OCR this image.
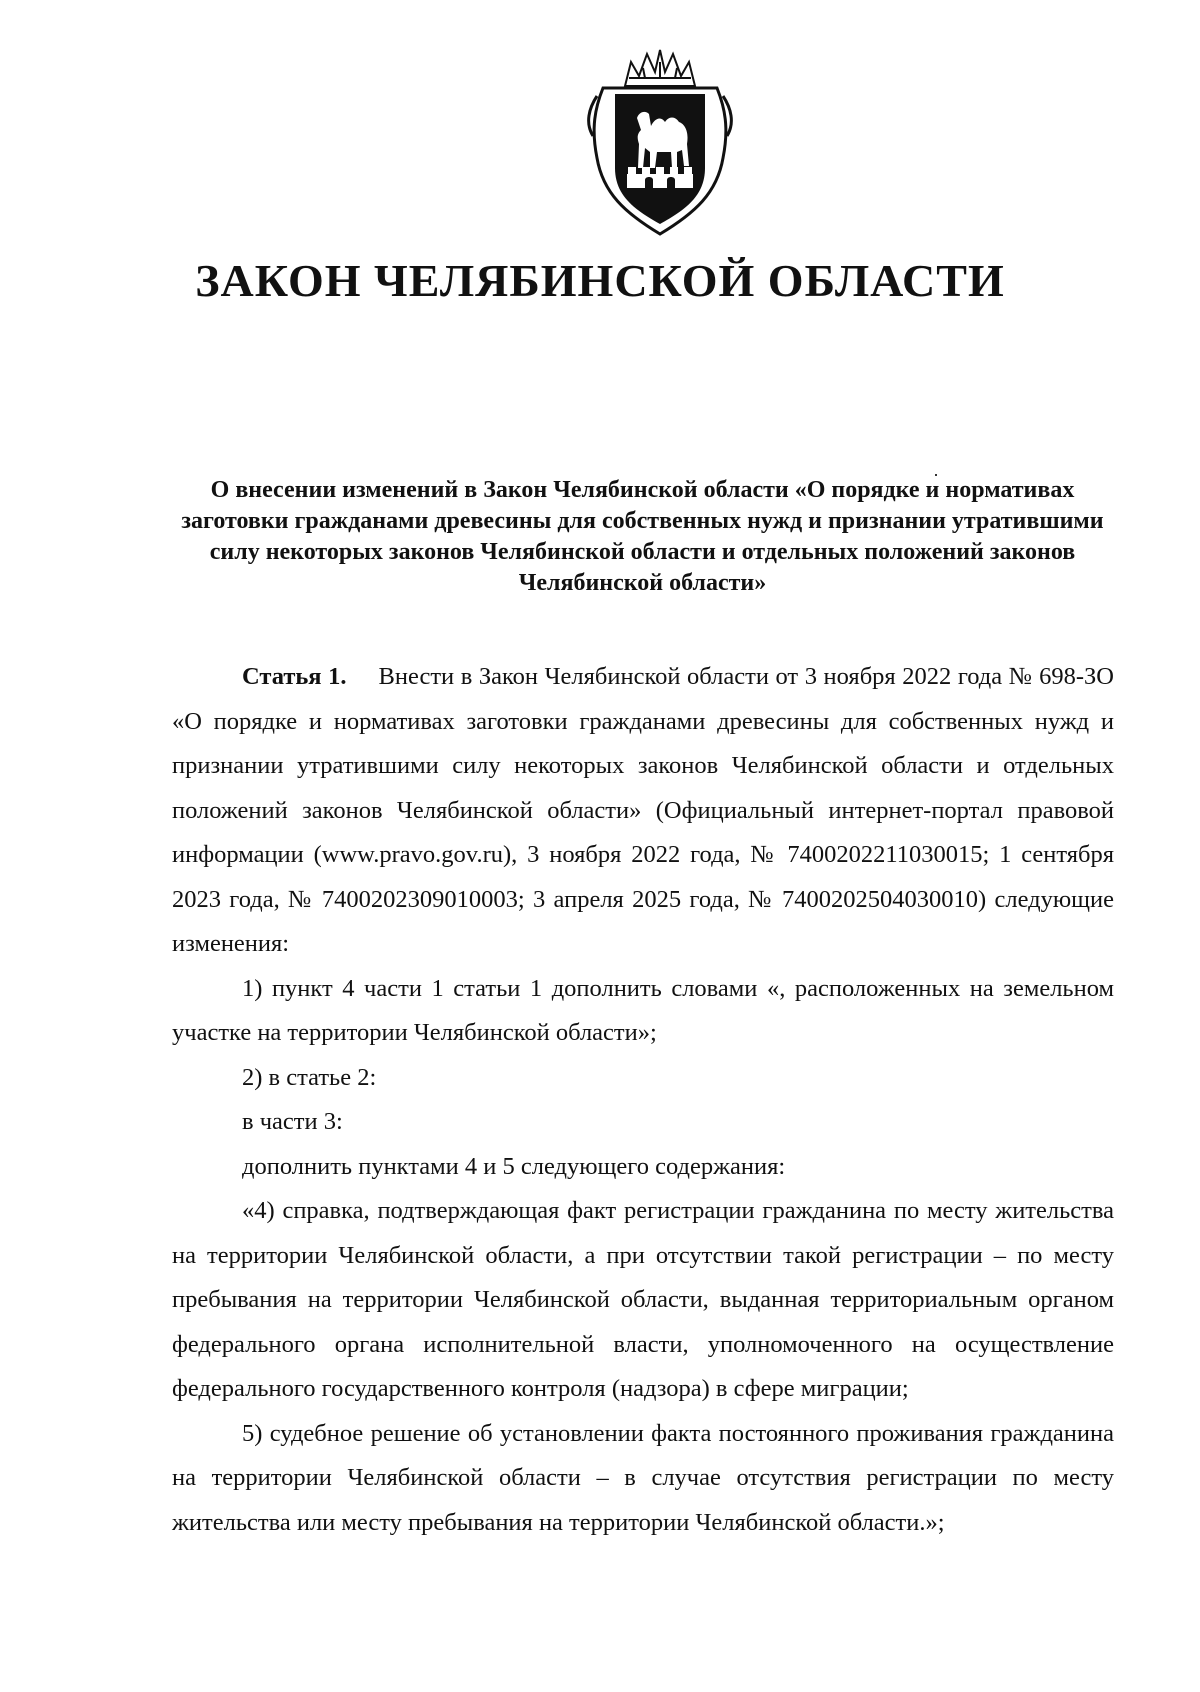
ЗАКОН ЧЕЛЯБИНСКОЙ ОБЛАСТИ

О внесении изменений в Закон Челябинской области «О порядке и нормативах заготовки гражданами древесины для собственных нужд и признании утратившими силу некоторых законов Челябинской области и отдельных положений законов Челябинской области»

Статья 1. Внести в Закон Челябинской области от 3 ноября 2022 года № 698-ЗО «О порядке и нормативах заготовки гражданами древесины для собственных нужд и признании утратившими силу некоторых законов Челябинской области и отдельных положений законов Челябинской области» (Официальный интернет-портал правовой информации (www.pravo.gov.ru), 3 ноября 2022 года, № 7400202211030015; 1 сентября 2023 года, № 7400202309010003; 3 апреля 2025 года, № 7400202504030010) следующие изменения:

1) пункт 4 части 1 статьи 1 дополнить словами «, расположенных на земельном участке на территории Челябинской области»;

2) в статье 2:

в части 3:

дополнить пунктами 4 и 5 следующего содержания:

«4) справка, подтверждающая факт регистрации гражданина по месту жительства на территории Челябинской области, а при отсутствии такой регистрации – по месту пребывания на территории Челябинской области, выданная территориальным органом федерального органа исполнительной власти, уполномоченного на осуществление федерального государственного контроля (надзора) в сфере миграции;

5) судебное решение об установлении факта постоянного проживания гражданина на территории Челябинской области – в случае отсутствия регистрации по месту жительства или месту пребывания на территории Челябинской области.»;
